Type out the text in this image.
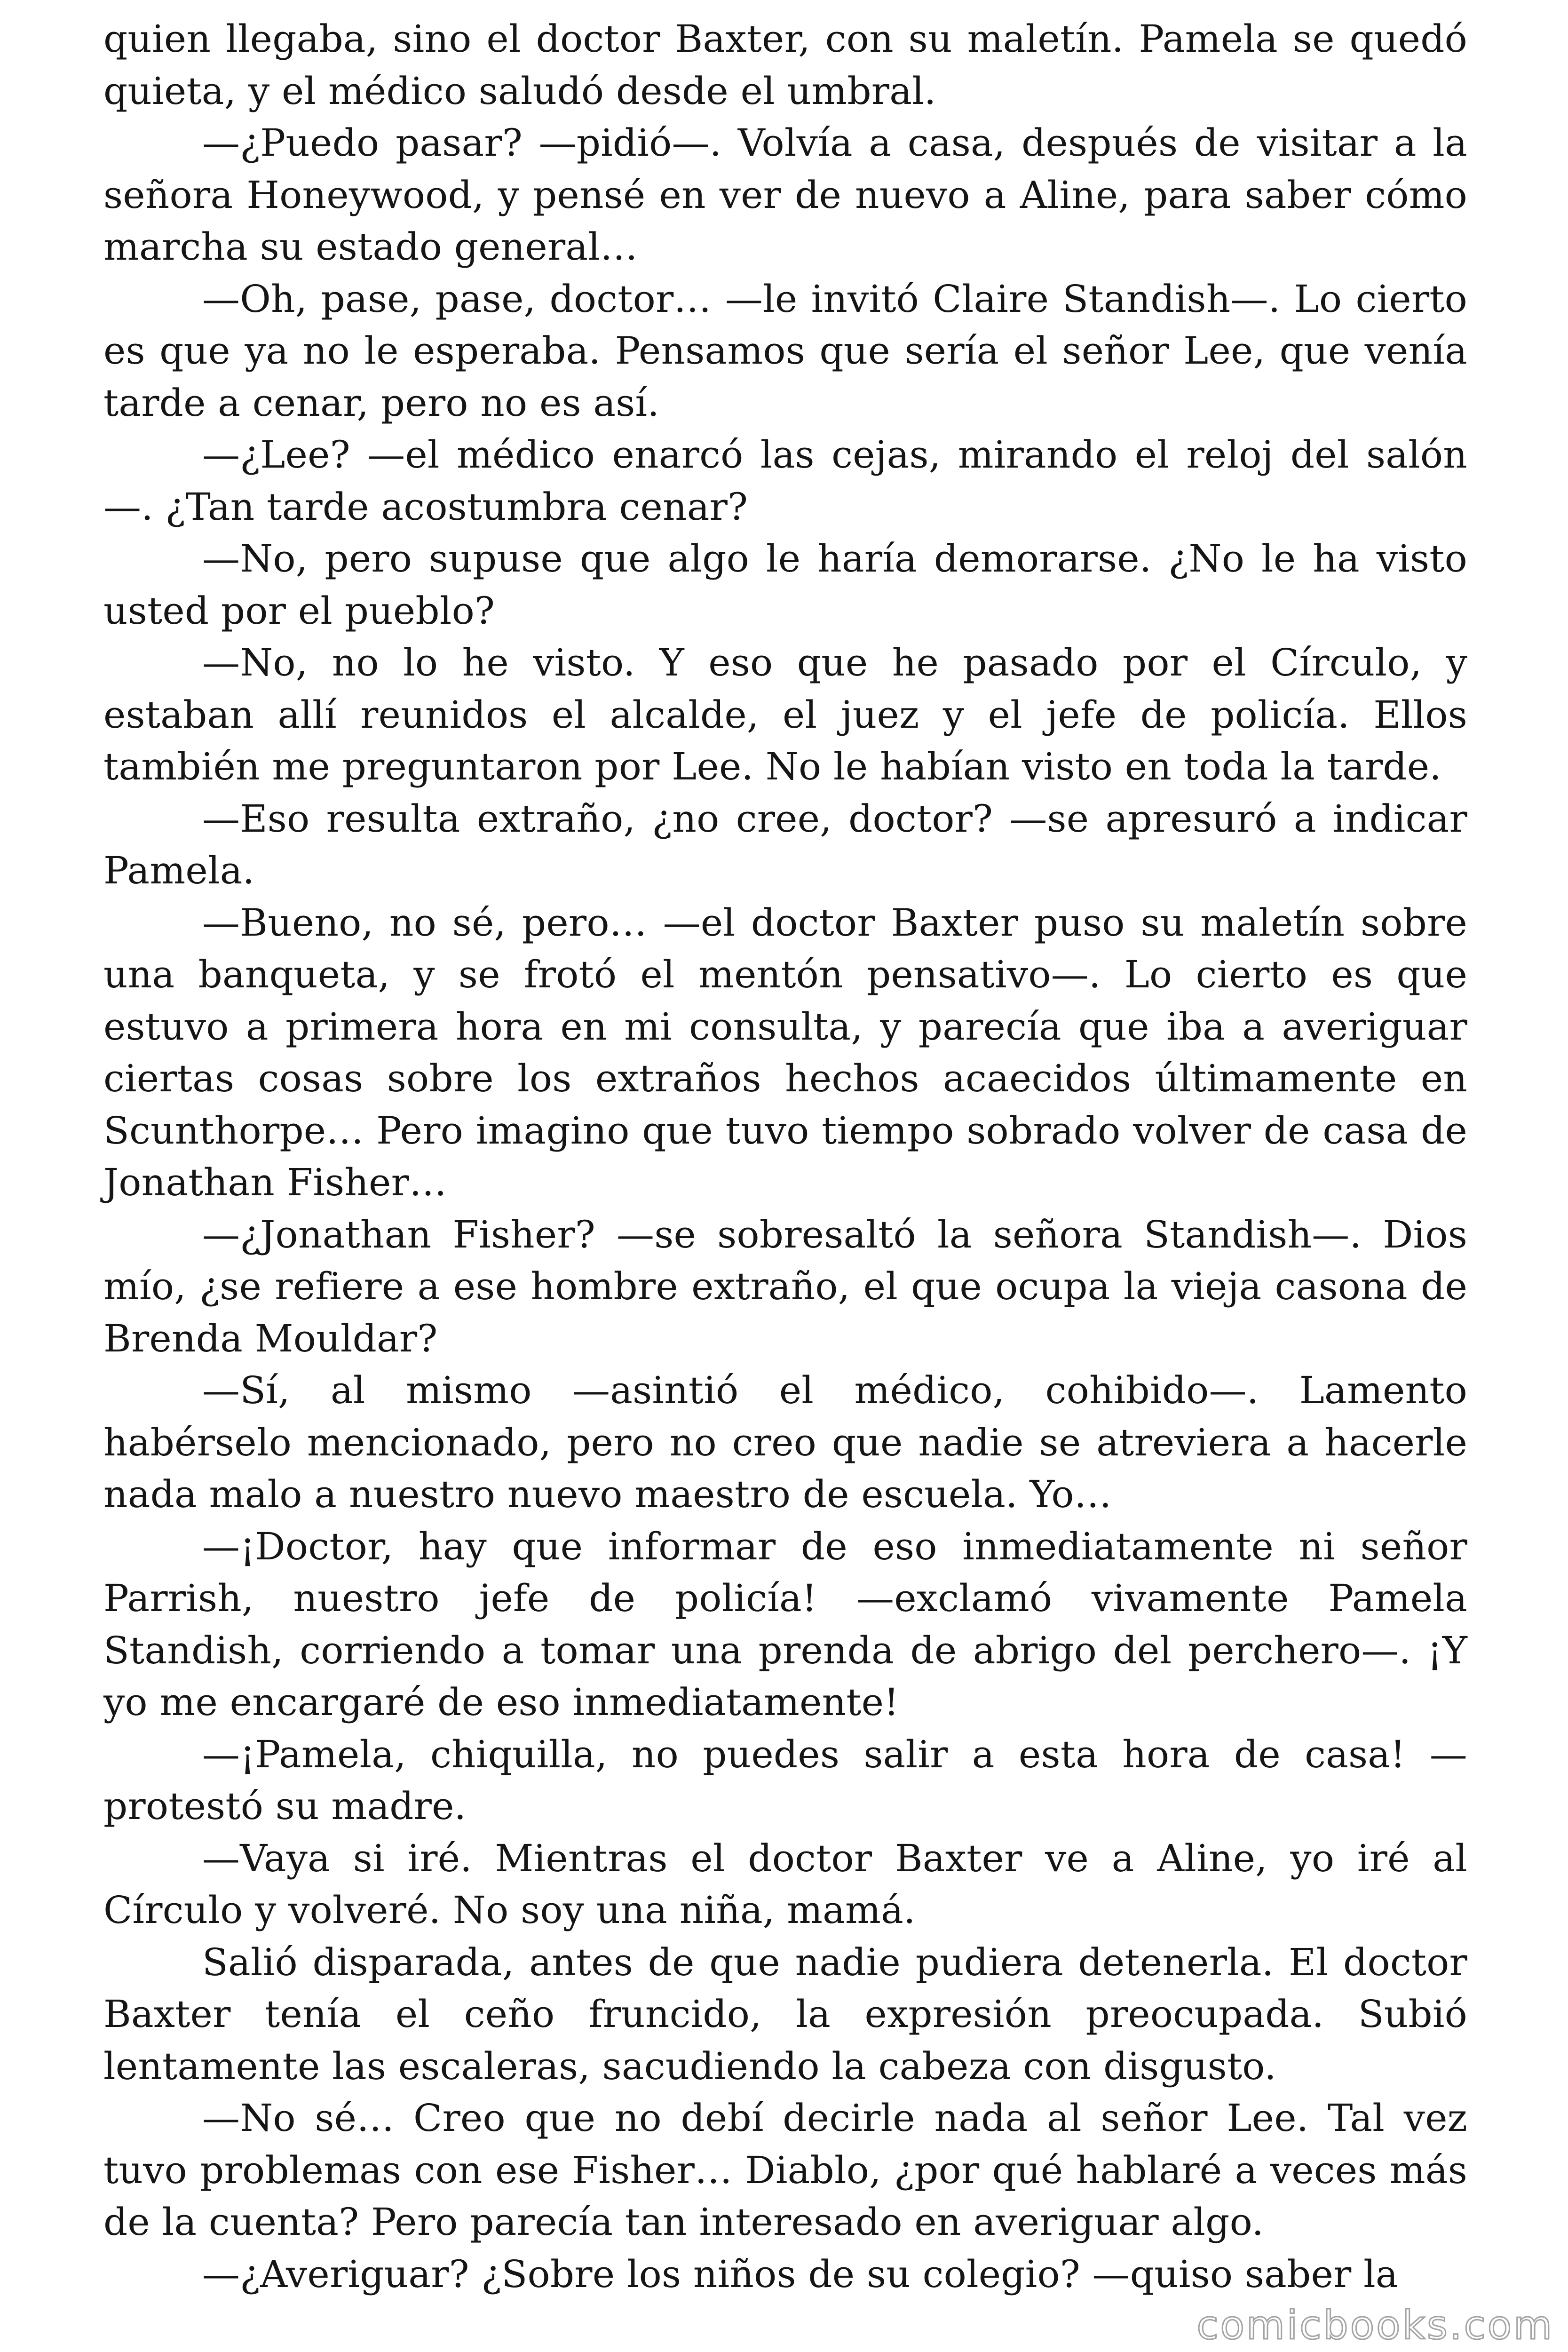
quien llegaba, sino el doctor Baxter, con su maletín. Pamela se quedó quieta, y el médico saludó desde el umbral.

—¿Puedo pasar? —pidió—. Volvía a casa, después de visitar a la señora Honeywood, y pensé en ver de nuevo a Aline, para saber cómo marcha su estado general…

—Oh, pase, pase, doctor… —le invitó Claire Standish—. Lo cierto es que ya no le esperaba. Pensamos que sería el señor Lee, que venía tarde a cenar, pero no es así.

—¿Lee? —el médico enarcó las cejas, mirando el reloj del salón —. ¿Tan tarde acostumbra cenar?

—No, pero supuse que algo le haría demorarse. ¿No le ha visto usted por el pueblo?

—No, no lo he visto. Y eso que he pasado por el Círculo, y estaban allí reunidos el alcalde, el juez y el jefe de policía. Ellos también me preguntaron por Lee. No le habían visto en toda la tarde.

—Eso resulta extraño, ¿no cree, doctor? —se apresuró a indicar Pamela.

—Bueno, no sé, pero… —el doctor Baxter puso su maletín sobre una banqueta, y se frotó el mentón pensativo—. Lo cierto es que estuvo a primera hora en mi consulta, y parecía que iba a averiguar ciertas cosas sobre los extraños hechos acaecidos últimamente en Scunthorpe… Pero imagino que tuvo tiempo sobrado volver de casa de Jonathan Fisher…

—¿Jonathan Fisher? —se sobresaltó la señora Standish—. Dios mío, ¿se refiere a ese hombre extraño, el que ocupa la vieja casona de Brenda Mouldar?

—Sí, al mismo —asintió el médico, cohibido—. Lamento habérselo mencionado, pero no creo que nadie se atreviera a hacerle nada malo a nuestro nuevo maestro de escuela. Yo…

—¡Doctor, hay que informar de eso inmediatamente ni señor Parrish, nuestro jefe de policía! —exclamó vivamente Pamela Standish, corriendo a tomar una prenda de abrigo del perchero—. ¡Y yo me encargaré de eso inmediatamente!

—¡Pamela, chiquilla, no puedes salir a esta hora de casa! — protestó su madre.

—Vaya si iré. Mientras el doctor Baxter ve a Aline, yo iré al Círculo y volveré. No soy una niña, mamá.

Salió disparada, antes de que nadie pudiera detenerla. El doctor Baxter tenía el ceño fruncido, la expresión preocupada. Subió lentamente las escaleras, sacudiendo la cabeza con disgusto.

—No sé… Creo que no debí decirle nada al señor Lee. Tal vez tuvo problemas con ese Fisher… Diablo, ¿por qué hablaré a veces más de la cuenta? Pero parecía tan interesado en averiguar algo.

—¿Averiguar? ¿Sobre los niños de su colegio? —quiso saber la

comicbooks.com
